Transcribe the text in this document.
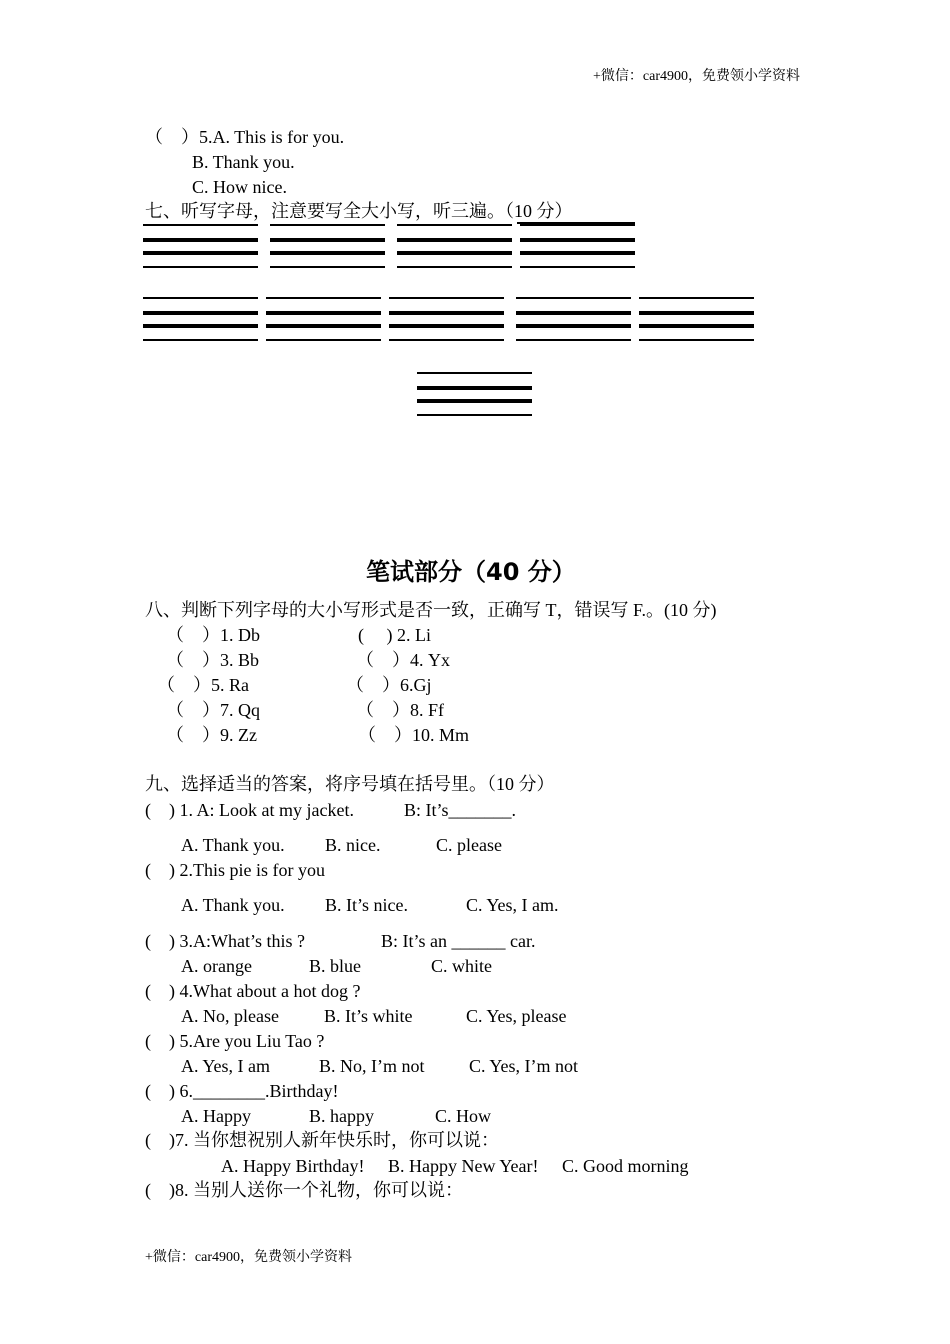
+微信：car4900，免费领小学资料
（    ）5.A. This is for you.
B. Thank you.
C. How nice.
七、听写字母，注意要写全大小写，听三遍。（10 分）
笔试部分（40 分）
八、判断下列字母的大小写形式是否一致，正确写 T，错误写 F.。(10 分)
（    ）1. Db	(     ) 2. Li
（    ）3. Bb	（    ）4. Yx
（    ）5. Ra	（    ）6.Gj
（    ）7. Qq	（    ）8. Ff
（    ）9. Zz	（    ）10. Mm
九、选择适当的答案，将序号填在括号里。（10 分）
(    ) 1. A: Look at my jacket.	B: It’s_______.
A. Thank you. B. nice.	C. please
(    ) 2.This pie is for you
A. Thank you. B. It’s nice.	C. Yes, I am.
(    ) 3.A:What’s this ?	B: It’s an ______ car.
A. orange	B. blue	C. white
(    ) 4.What about a hot dog ?
A. No, please	B. It’s white	C. Yes, please
(    ) 5.Are you Liu Tao ?
A. Yes, I am	B. No, I’m not C. Yes, I’m not
(    ) 6.________.Birthday!
A. Happy	B. happy	C. How
(    )7. 当你想祝别人新年快乐时，你可以说：
A. Happy Birthday! B. Happy New Year! C. Good morning
(    )8. 当别人送你一个礼物，你可以说：
+微信：car4900，免费领小学资料
